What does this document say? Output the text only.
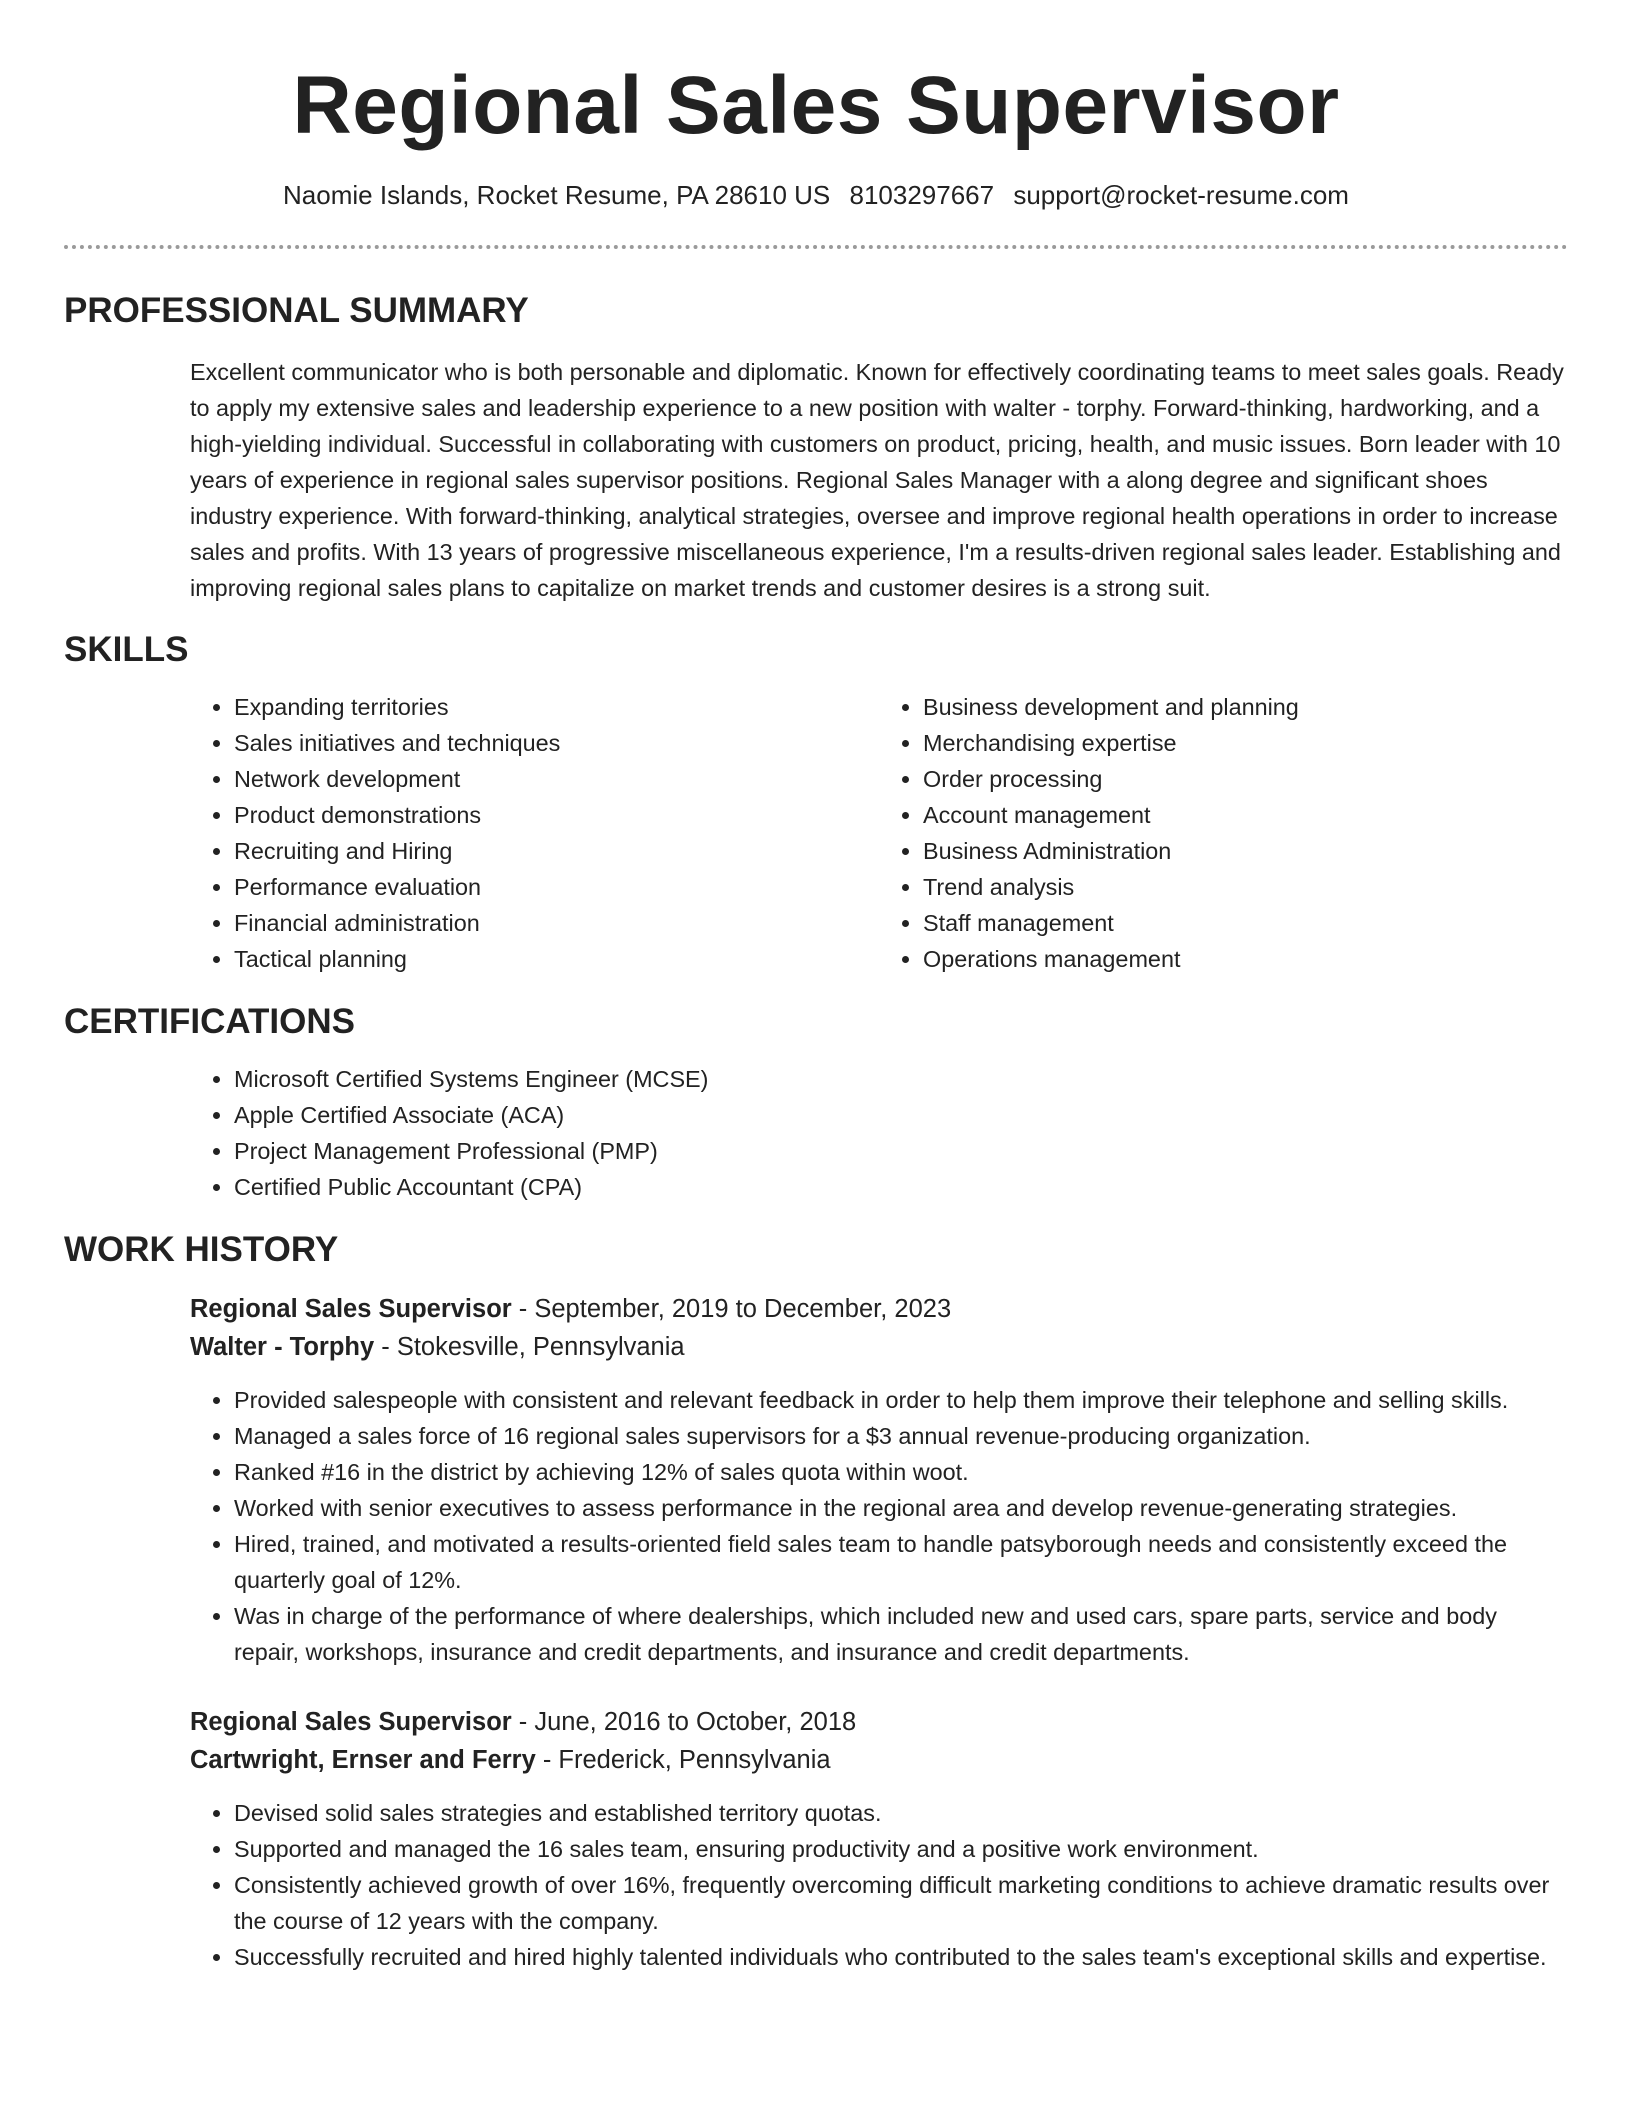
Regional Sales Supervisor
Naomie Islands, Rocket Resume, PA 28610 US 8103297667 support@rocket-resume.com
PROFESSIONAL SUMMARY

Excellent communicator who is both personable and diplomatic. Known for effectively coordinating teams to meet sales goals. Ready to apply my extensive sales and leadership experience to a new position with walter - torphy. Forward-thinking, hardworking, and a high-yielding individual. Successful in collaborating with customers on product, pricing, health, and music issues. Born leader with 10 years of experience in regional sales supervisor positions. Regional Sales Manager with a along degree and significant shoes industry experience. With forward-thinking, analytical strategies, oversee and improve regional health operations in order to increase sales and profits. With 13 years of progressive miscellaneous experience, I'm a results-driven regional sales leader. Establishing and improving regional sales plans to capitalize on market trends and customer desires is a strong suit.

SKILLS
• Expanding territories
• Sales initiatives and techniques
• Network development
• Product demonstrations
• Recruiting and Hiring
• Performance evaluation
• Financial administration
• Tactical planning
• Business development and planning
• Merchandising expertise
• Order processing
• Account management
• Business Administration
• Trend analysis
• Staff management
• Operations management
CERTIFICATIONS
• Microsoft Certified Systems Engineer (MCSE)
• Apple Certified Associate (ACA)
• Project Management Professional (PMP)
• Certified Public Accountant (CPA)
WORK HISTORY

Regional Sales Supervisor - September, 2019 to December, 2023

Walter - Torphy - Stokesville, Pennsylvania

• Provided salespeople with consistent and relevant feedback in order to help them improve their telephone and selling skills.
• Managed a sales force of 16 regional sales supervisors for a $3 annual revenue-producing organization.
• Ranked #16 in the district by achieving 12% of sales quota within woot.
• Worked with senior executives to assess performance in the regional area and develop revenue-generating strategies.
• Hired, trained, and motivated a results-oriented field sales team to handle patsyborough needs and consistently exceed the quarterly goal of 12%.
• Was in charge of the performance of where dealerships, which included new and used cars, spare parts, service and body repair, workshops, insurance and credit departments, and insurance and credit departments.

Regional Sales Supervisor - June, 2016 to October, 2018

Cartwright, Ernser and Ferry - Frederick, Pennsylvania

• Devised solid sales strategies and established territory quotas.
• Supported and managed the 16 sales team, ensuring productivity and a positive work environment.
• Consistently achieved growth of over 16%, frequently overcoming difficult marketing conditions to achieve dramatic results over the course of 12 years with the company.
• Successfully recruited and hired highly talented individuals who contributed to the sales team's exceptional skills and expertise.
